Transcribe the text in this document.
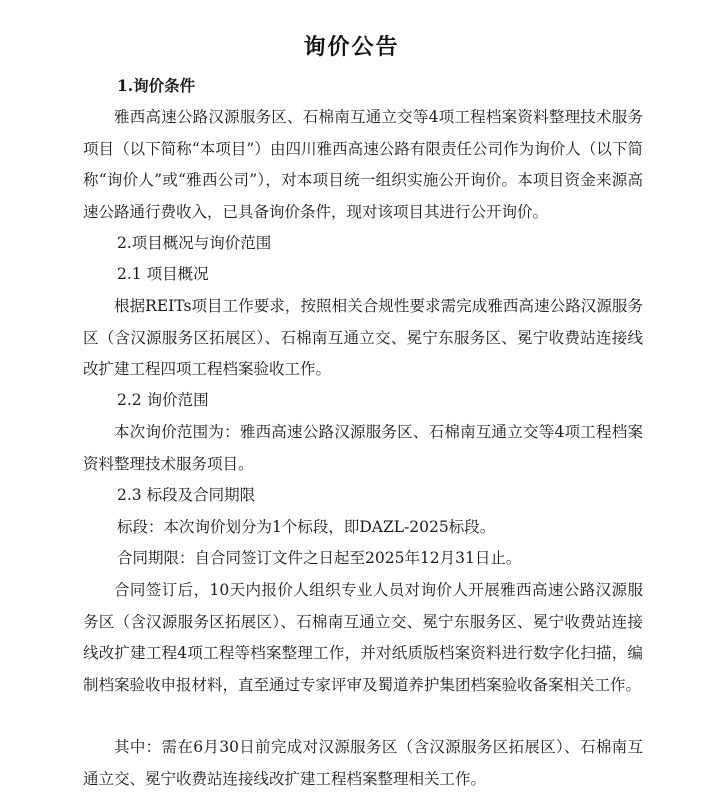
询价公告

1.询价条件

雅西高速公路汉源服务区、石棉南互通立交等4项工程档案资料整理技术服务项目（以下简称“本项目”）由四川雅西高速公路有限责任公司作为询价人（以下简称“询价人”或“雅西公司”），对本项目统一组织实施公开询价。本项目资金来源高速公路通行费收入，已具备询价条件，现对该项目其进行公开询价。

2.项目概况与询价范围

2.1 项目概况

根据REITs项目工作要求，按照相关合规性要求需完成雅西高速公路汉源服务区（含汉源服务区拓展区）、石棉南互通立交、冕宁东服务区、冕宁收费站连接线改扩建工程四项工程档案验收工作。

2.2 询价范围

本次询价范围为：雅西高速公路汉源服务区、石棉南互通立交等4项工程档案资料整理技术服务项目。

2.3 标段及合同期限

标段：本次询价划分为1个标段，即DAZL-2025标段。

合同期限：自合同签订文件之日起至2025年12月31日止。

合同签订后，10天内报价人组织专业人员对询价人开展雅西高速公路汉源服务区（含汉源服务区拓展区）、石棉南互通立交、冕宁东服务区、冕宁收费站连接线改扩建工程4项工程等档案整理工作，并对纸质版档案资料进行数字化扫描，编制档案验收申报材料，直至通过专家评审及蜀道养护集团档案验收备案相关工作。

其中：需在6月30日前完成对汉源服务区（含汉源服务区拓展区）、石棉南互通立交、冕宁收费站连接线改扩建工程档案整理相关工作。
